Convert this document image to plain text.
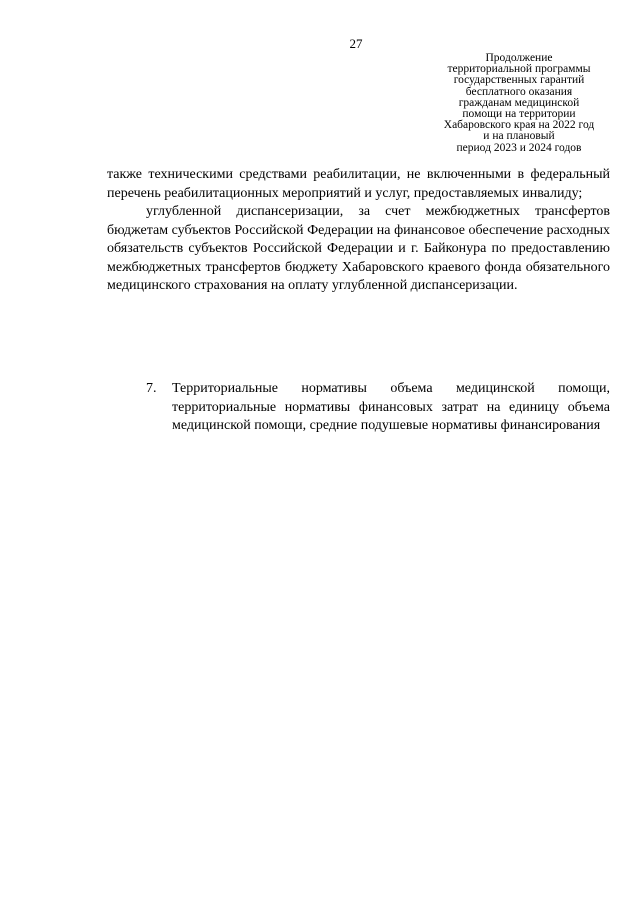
27
Продолжение
территориальной программы
государственных гарантий
бесплатного оказания
гражданам медицинской
помощи на территории
Хабаровского края на 2022 год
и на плановый
период 2023 и 2024 годов

также техническими средствами реабилитации, не включенными в федеральный перечень реабилитационных мероприятий и услуг, предоставляемых инвалиду;

углубленной диспансеризации, за счет межбюджетных трансфертов бюджетам субъектов Российской Федерации на финансовое обеспечение расходных обязательств субъектов Российской Федерации и г. Байконура по предоставлению межбюджетных трансфертов бюджету Хабаровского краевого фонда обязательного медицинского страхования на оплату углубленной диспансеризации.

7. Территориальные нормативы объема медицинской помощи, территориальные нормативы финансовых затрат на единицу объема медицинской помощи, средние подушевые нормативы финансирования
